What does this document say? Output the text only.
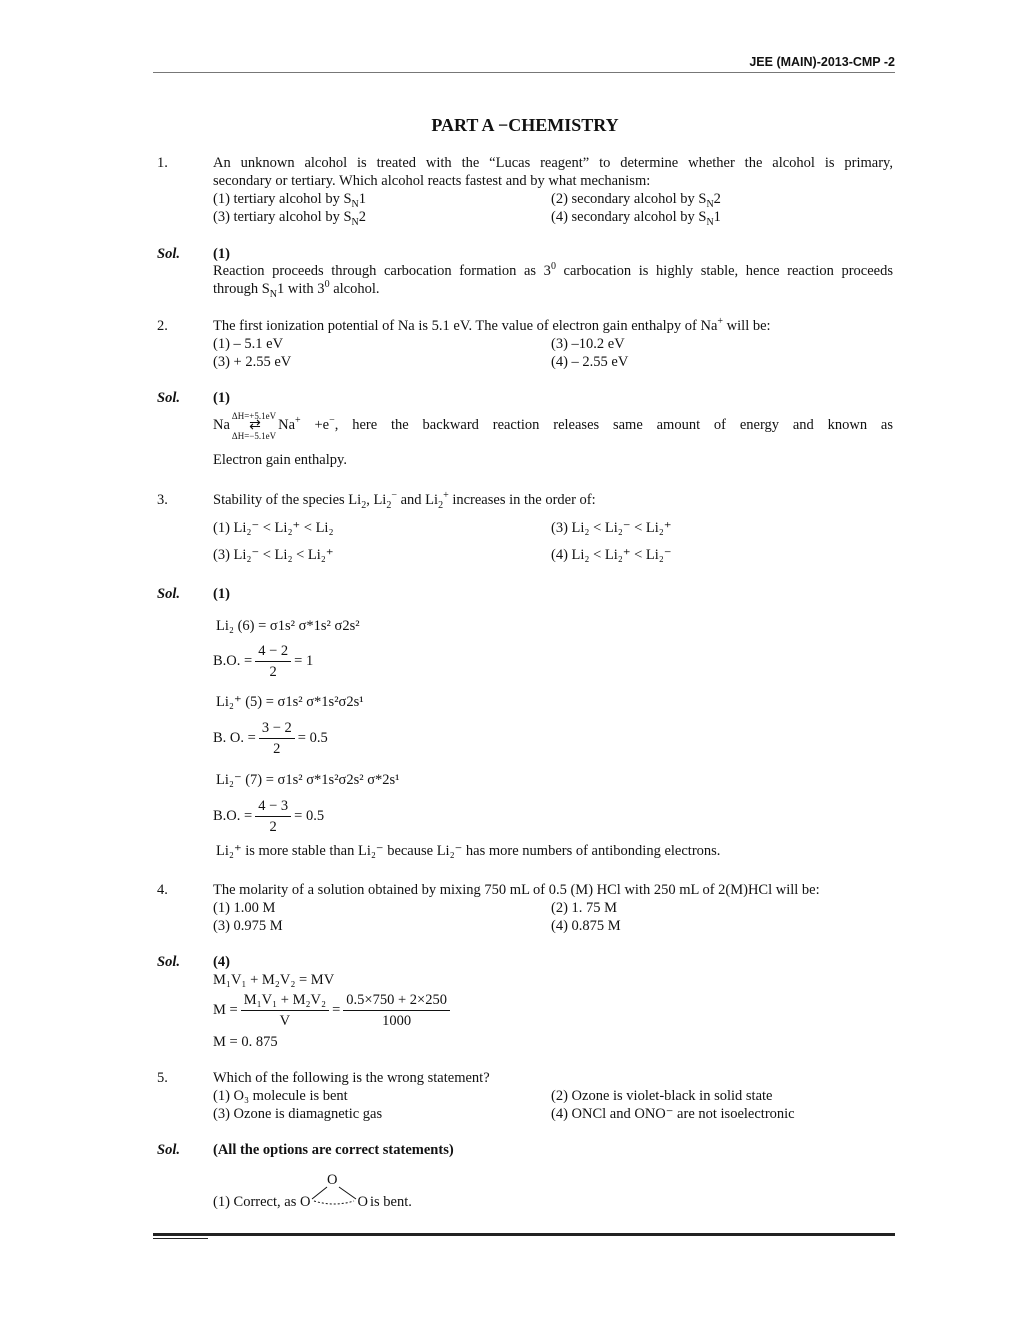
JEE (MAIN)-2013-CMP -2
PART A −CHEMISTRY
1.	An unknown alcohol is treated with the “Lucas reagent” to determine whether the alcohol is primary,
secondary or tertiary. Which alcohol reacts fastest and by what mechanism:
(1) tertiary alcohol by $S_N1$	(2) secondary alcohol by $S_N2$
(3) tertiary alcohol by $S_N2$	(4) secondary alcohol by $S_N1$
Sol. (1)
Reaction proceeds through carbocation formation as $3^0$ carbocation is highly stable, hence reaction proceeds
through $S_N1$ with $3^0$ alcohol.
2.	The first ionization potential of Na is 5.1 eV. The value of electron gain enthalpy of Na+ will be:
(1) – 5.1 eV	(3) –10.2 eV
(3) + 2.55 eV	(4) – 2.55 eV
Sol. (1)
Na
ΔH=+5.1eV
⇄
ΔH=−5.1eV
Na+ +e−, here the backward reaction releases same amount of energy and known as
Electron gain enthalpy.
3.	Stability of the species $Li_2$, $Li_2^-$ and $Li_2^+$ increases in the order of:
(1) Li₂⁻ < Li₂⁺ < Li₂	(3) Li₂ < Li₂⁻ < Li₂⁺
(3) Li₂⁻ < Li₂ < Li₂⁺	(4) Li₂ < Li₂⁺ < Li₂⁻
Sol. (1)
Li₂ (6) = σ1s² σ*1s² σ2s²
B.O. = $\frac{4 - 2}{2} = 1$
Li₂⁺ (5) = σ1s² σ*1s²σ2s¹
B. O. = $\frac{3 - 2}{2} = 0.5$
Li₂⁻ (7) = σ1s² σ*1s²σ2s² σ*2s¹
B.O. = $\frac{4 - 3}{2} = 0.5$
Li₂⁺ is more stable than Li₂⁻ because Li₂⁻ has more numbers of antibonding electrons.
4.	The molarity of a solution obtained by mixing 750 mL of 0.5 (M) HCl with 250 mL of 2(M)HCl will be:
(1) 1.00 M	(2) 1. 75 M
(3) 0.975 M	(4) 0.875 M
Sol. (4)
M₁V₁ + M₂V₂ = MV
$M = \frac{\text{M₁V₁ + M₂V₂}}{V} = \frac{0.5\times 750 + 2\times 250}{1000}$
M = 0. 875
5.	Which of the following is the wrong statement?
(1) O₃ molecule is bent	(2) Ozone is violet-black in solid state
(3) Ozone is diamagnetic gas	(4) ONCl and ONO⁻ are not isoelectronic
Sol. (All the options are correct statements)
(1) Correct, as O
O
O is bent.
